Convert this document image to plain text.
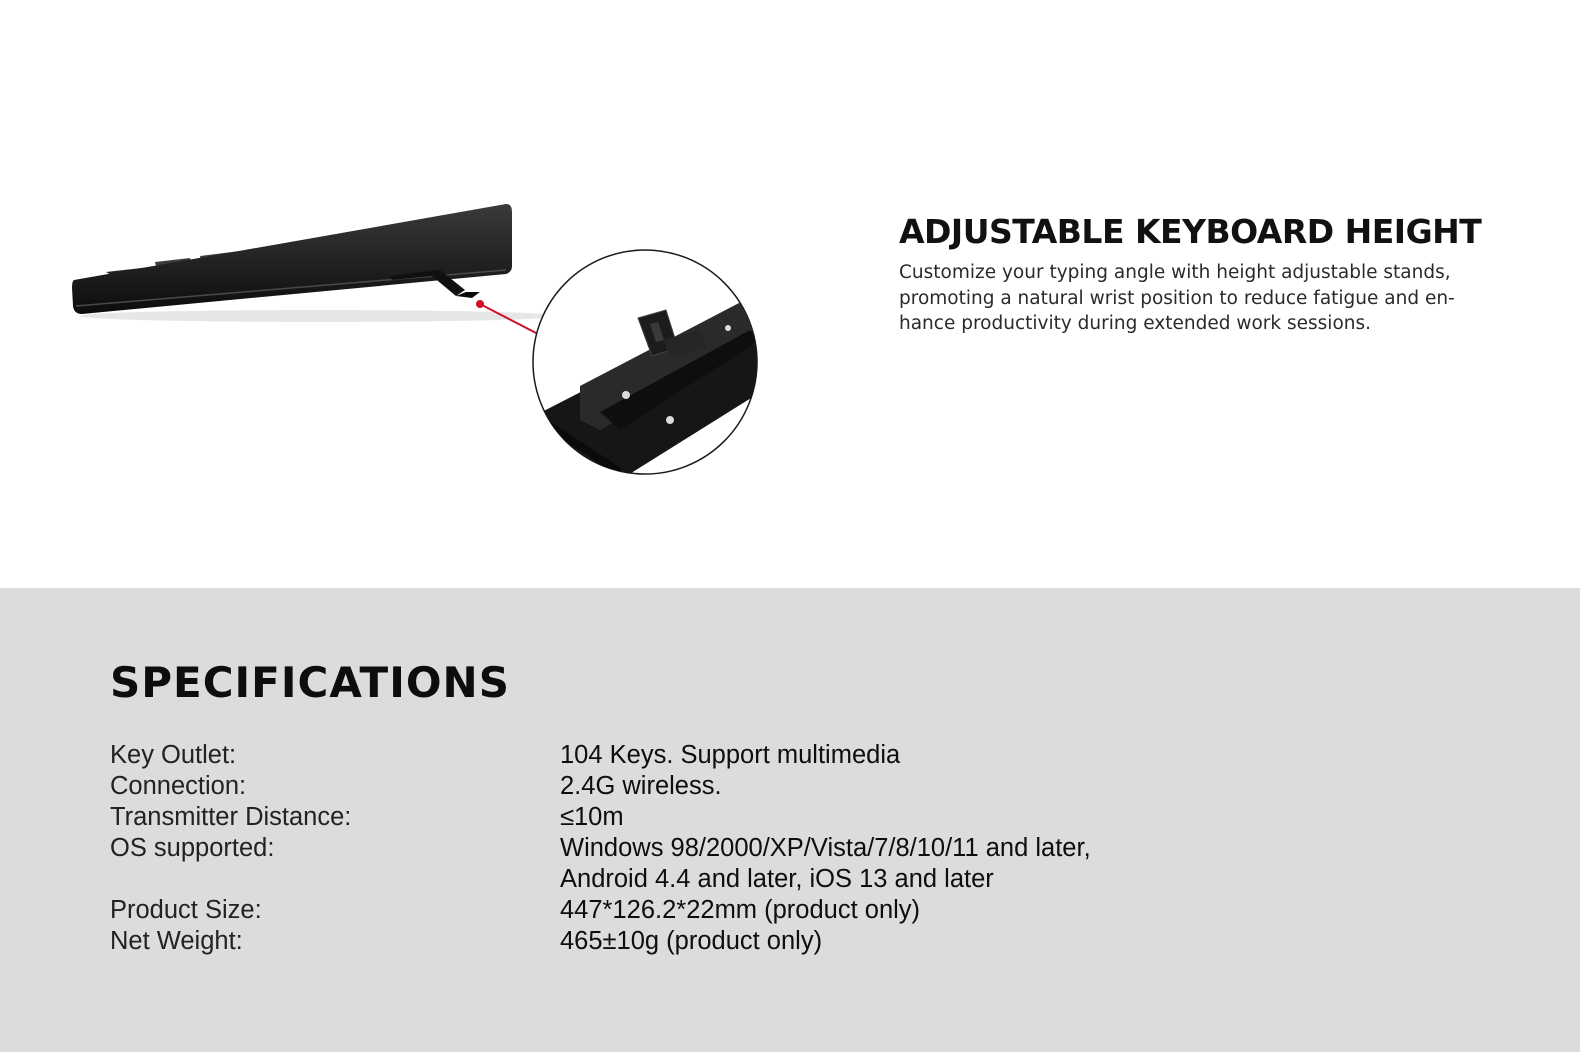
ADJUSTABLE KEYBOARD HEIGHT

Customize your typing angle with height adjustable stands,
promoting a natural wrist position to reduce fatigue and en-
hance productivity during extended work sessions.

SPECIFICATIONS
Key Outlet:	104 Keys. Support multimedia
Connection:	2.4G wireless.
Transmitter Distance:	≤10m
OS supported:	Windows 98/2000/XP/Vista/7/8/10/11 and later,
Android 4.4 and later, iOS 13 and later
Product Size:	447*126.2*22mm (product only)
Net Weight:	465±10g (product only)
